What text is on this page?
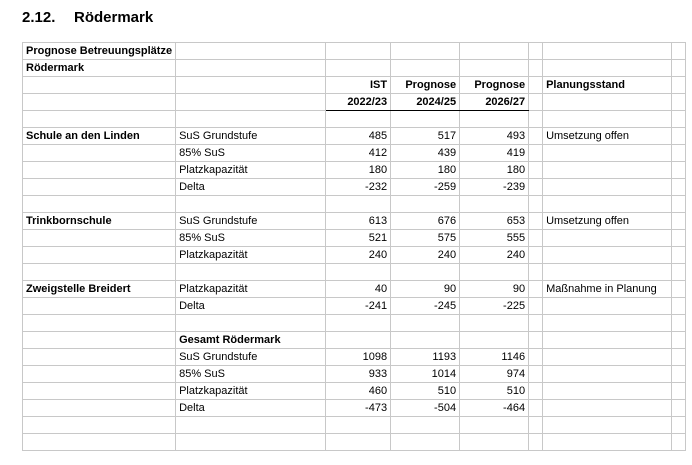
2.12. Rödermark
Prognose Betreuungsplätze							
Rödermark							
		IST	Prognose	Prognose		Planungsstand	
		2022/23	2024/25	2026/27			

Schule an den Linden	SuS Grundstufe	485	517	493		Umsetzung offen	
	85% SuS	412	439	419			
	Platzkapazität	180	180	180			
	Delta	-232	-259	-239			

Trinkbornschule	SuS Grundstufe	613	676	653		Umsetzung offen	
	85% SuS	521	575	555			
	Platzkapazität	240	240	240			

Zweigstelle Breidert	Platzkapazität	40	90	90		Maßnahme in Planung	
	Delta	-241	-245	-225			

	Gesamt Rödermark						
	SuS Grundstufe	1098	1193	1146			
	85% SuS	933	1014	974			
	Platzkapazität	460	510	510			
	Delta	-473	-504	-464			
